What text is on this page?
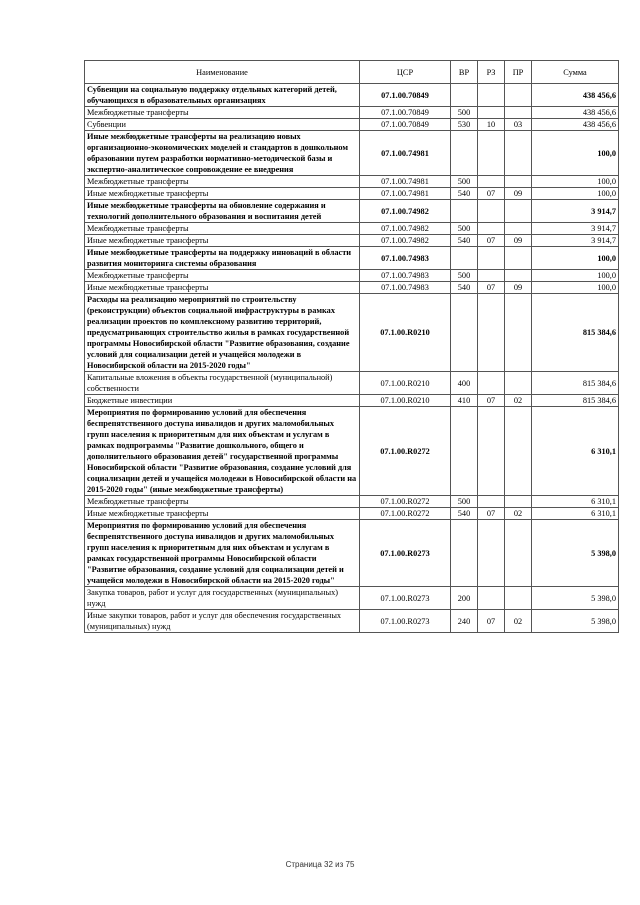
Наименование	ЦСР	ВР	РЗ	ПР	Сумма
Субвенции на социальную поддержку отдельных категорий детей, обучающихся в образовательных организациях	07.1.00.70849				438 456,6
Межбюджетные трансферты	07.1.00.70849	500			438 456,6
Субвенции	07.1.00.70849	530	10	03	438 456,6
Иные межбюджетные трансферты на реализацию новых организационно-экономических моделей и стандартов в дошкольном образовании путем разработки нормативно-методической базы и экспертно-аналитическое сопровождение ее внедрения	07.1.00.74981				100,0
Межбюджетные трансферты	07.1.00.74981	500			100,0
Иные межбюджетные трансферты	07.1.00.74981	540	07	09	100,0
Иные межбюджетные трансферты на обновление содержания и технологий дополнительного образования и воспитания детей	07.1.00.74982				3 914,7
Межбюджетные трансферты	07.1.00.74982	500			3 914,7
Иные межбюджетные трансферты	07.1.00.74982	540	07	09	3 914,7
Иные межбюджетные трансферты на поддержку инноваций в области развития мониторинга системы образования	07.1.00.74983				100,0
Межбюджетные трансферты	07.1.00.74983	500			100,0
Иные межбюджетные трансферты	07.1.00.74983	540	07	09	100,0
Расходы на реализацию мероприятий по строительству (реконструкции) объектов социальной инфраструктуры в рамках реализации проектов по комплексному развитию территорий, предусматривающих строительство жилья в рамках государственной программы Новосибирской области "Развитие образования, создание условий для социализации детей и учащейся молодежи в Новосибирской области на 2015-2020 годы"	07.1.00.R0210				815 384,6
Капитальные вложения в объекты государственной (муниципальной) собственности	07.1.00.R0210	400			815 384,6
Бюджетные инвестиции	07.1.00.R0210	410	07	02	815 384,6
Мероприятия по формированию условий для обеспечения беспрепятственного доступа инвалидов и других маломобильных групп населения к приоритетным для них объектам и услугам в рамках подпрограммы "Развитие дошкольного, общего и дополнительного образования детей" государственной программы Новосибирской области "Развитие образования, создание условий для социализации детей и учащейся молодежи в Новосибирской области на 2015-2020 годы" (иные межбюджетные трансферты)	07.1.00.R0272				6 310,1
Межбюджетные трансферты	07.1.00.R0272	500			6 310,1
Иные межбюджетные трансферты	07.1.00.R0272	540	07	02	6 310,1
Мероприятия по формированию условий для обеспечения беспрепятственного доступа инвалидов и других маломобильных групп населения к приоритетным для них объектам и услугам в рамках государственной программы Новосибирской области "Развитие образования, создание условий для социализации детей и учащейся молодежи в Новосибирской области на 2015-2020 годы"	07.1.00.R0273				5 398,0
Закупка товаров, работ и услуг для государственных (муниципальных) нужд	07.1.00.R0273	200			5 398,0
Иные закупки товаров, работ и услуг для обеспечения государственных (муниципальных) нужд	07.1.00.R0273	240	07	02	5 398,0
Страница 32 из 75
